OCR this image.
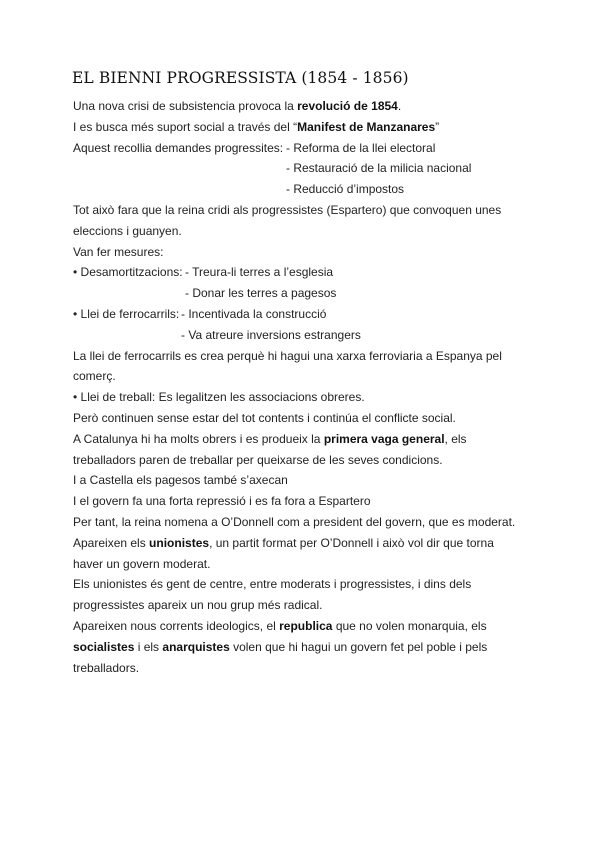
EL BIENNI PROGRESSISTA (1854 - 1856)
Una nova crisi de subsistencia provoca la revolució de 1854.
I es busca més suport social a través del “Manifest de Manzanares”
Aquest recollia demandes progressites: - Reforma de la llei electoral
- Restauració de la milicia nacional
- Reducció d’impostos
Tot això fara que la reina cridi als progressistes (Espartero) que convoquen unes
eleccions i guanyen.
Van fer mesures:
• Desamortitzacions: - Treura-li terres a l’esglesia
- Donar les terres a pagesos
• Llei de ferrocarrils: - Incentivada la construcció
- Va atreure inversions estrangers
La llei de ferrocarrils es crea perquè hi hagui una xarxa ferroviaria a Espanya pel
comerç.
• Llei de treball: Es legalitzen les associacions obreres.
Però continuen sense estar del tot contents i continúa el conflicte social.
A Catalunya hi ha molts obrers i es produeix la primera vaga general, els
treballadors paren de treballar per queixarse de les seves condicions.
I a Castella els pagesos també s’axecan
I el govern fa una forta repressió i es fa fora a Espartero
Per tant, la reina nomena a O’Donnell com a president del govern, que es moderat.
Apareixen els unionistes, un partit format per O’Donnell i això vol dir que torna
haver un govern moderat.
Els unionistes és gent de centre, entre moderats i progressistes, i dins dels
progressistes apareix un nou grup més radical.
Apareixen nous corrents ideologics, el republica que no volen monarquia, els
socialistes i els anarquistes volen que hi hagui un govern fet pel poble i pels
treballadors.
